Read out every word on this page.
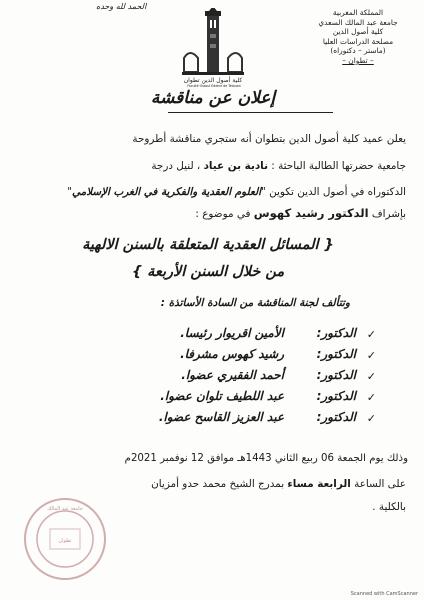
الحمد لله وحده
المملكة المغربية
جامعة عبد المالك السعدي
كلية أصول الدين
مصلحة الدراسات العليا
(ماستر – دكتوراه)
– تطوان –
كلية أصول الدين تطوان
Faculté Ossoul Eddine de Tetouan
إعلان عن مناقشة
يعلن عميد كلية أصول الدين بتطوان أنه ستجري مناقشة أطروحة
جامعية حضرتها الطالبة الباحثة : نادية بن عياد ، لنيل درجة
الدكتوراه في أصول الدين تكوين "العلوم العقدية والفكرية في الغرب الإسلامي"
بإشراف الدكتور رشيد كهوس في موضوع :
{ المسائل العقدية المتعلقة بالسنن الالهية
من خلال السنن الأربعة }
وتتألف لجنة المناقشة من السادة الأساتذة :
✓
الدكتور:
الأمين اقريوار رئيسا.
✓
الدكتور:
رشيد كهوس مشرفا.
✓
الدكتور:
أحمد الفقيري عضوا.
✓
الدكتور:
عبد اللطيف تلوان عضوا.
✓
الدكتور:
عبد العزيز القاسح عضوا.
وذلك يوم الجمعة 06 ربيع الثاني 1443هـ موافق 12 نوفمبر 2021م
على الساعة الرابعة مساء بمدرج الشيخ محمد حدو أمزيان
بالكلية .
تطوان
جامعة عبد المالك
Scanned with CamScanner
